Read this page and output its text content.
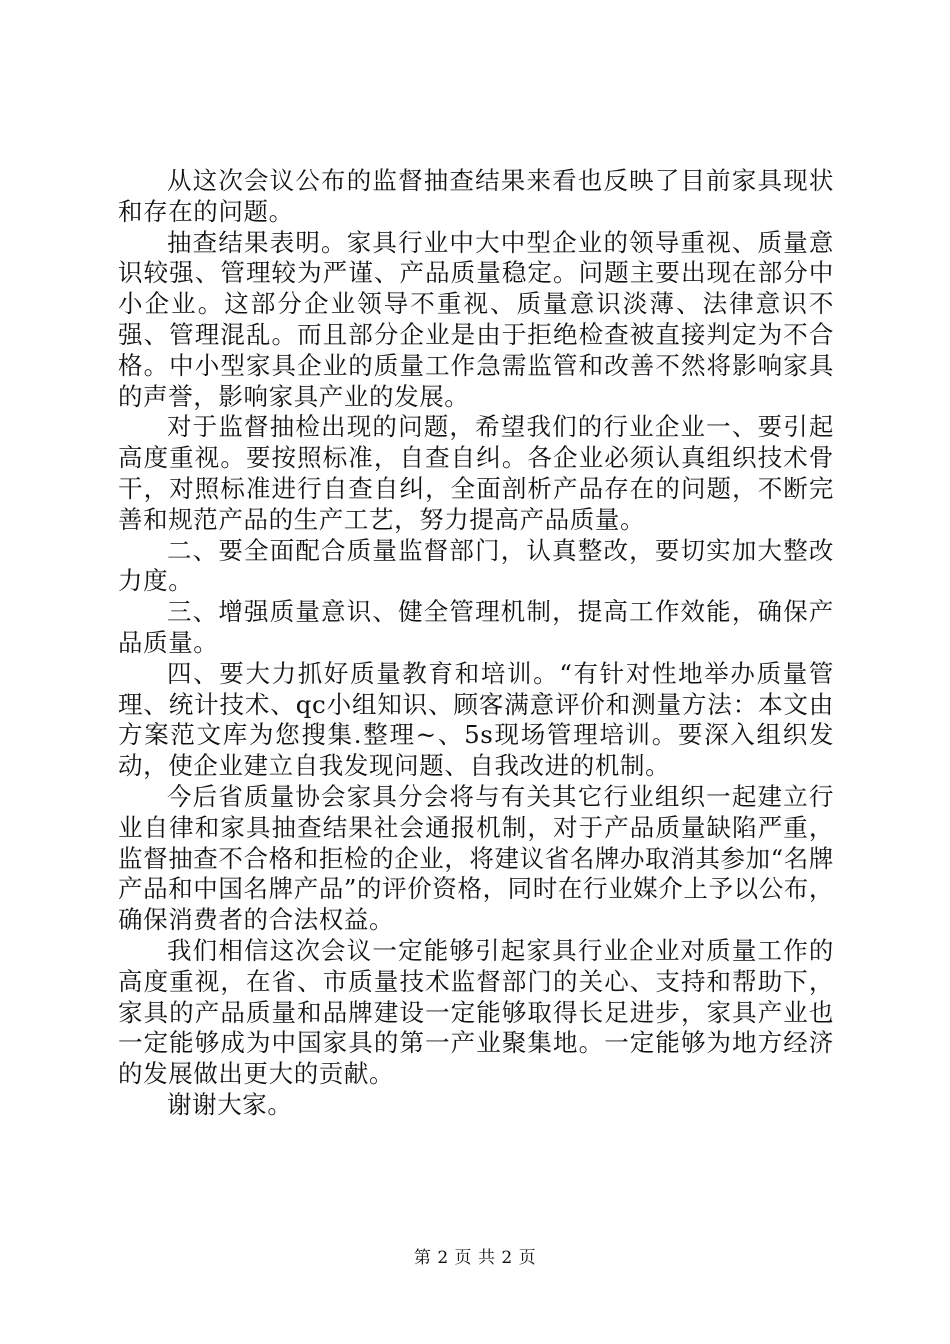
从这次会议公布的监督抽查结果来看也反映了目前家具现状和存在的问题。

抽查结果表明。家具行业中大中型企业的领导重视、质量意识较强、管理较为严谨、产品质量稳定。问题主要出现在部分中小企业。这部分企业领导不重视、质量意识淡薄、法律意识不强、管理混乱。而且部分企业是由于拒绝检查被直接判定为不合格。中小型家具企业的质量工作急需监管和改善不然将影响家具的声誉，影响家具产业的发展。

对于监督抽检出现的问题，希望我们的行业企业一、要引起高度重视。要按照标准，自查自纠。各企业必须认真组织技术骨干，对照标准进行自查自纠，全面剖析产品存在的问题，不断完善和规范产品的生产工艺，努力提高产品质量。

二、要全面配合质量监督部门，认真整改，要切实加大整改力度。

三、增强质量意识、健全管理机制，提高工作效能，确保产品质量。

四、要大力抓好质量教育和培训。“有针对性地举办质量管理、统计技术、qc小组知识、顾客满意评价和测量方法：本文由方案范文库为您搜集.整理~、5s现场管理培训。要深入组织发动，使企业建立自我发现问题、自我改进的机制。

今后省质量协会家具分会将与有关其它行业组织一起建立行业自律和家具抽查结果社会通报机制，对于产品质量缺陷严重，监督抽查不合格和拒检的企业，将建议省名牌办取消其参加“名牌产品和中国名牌产品”的评价资格，同时在行业媒介上予以公布，确保消费者的合法权益。

我们相信这次会议一定能够引起家具行业企业对质量工作的高度重视，在省、市质量技术监督部门的关心、支持和帮助下，家具的产品质量和品牌建设一定能够取得长足进步，家具产业也一定能够成为中国家具的第一产业聚集地。一定能够为地方经济的发展做出更大的贡献。

谢谢大家。

第 2 页 共 2 页
